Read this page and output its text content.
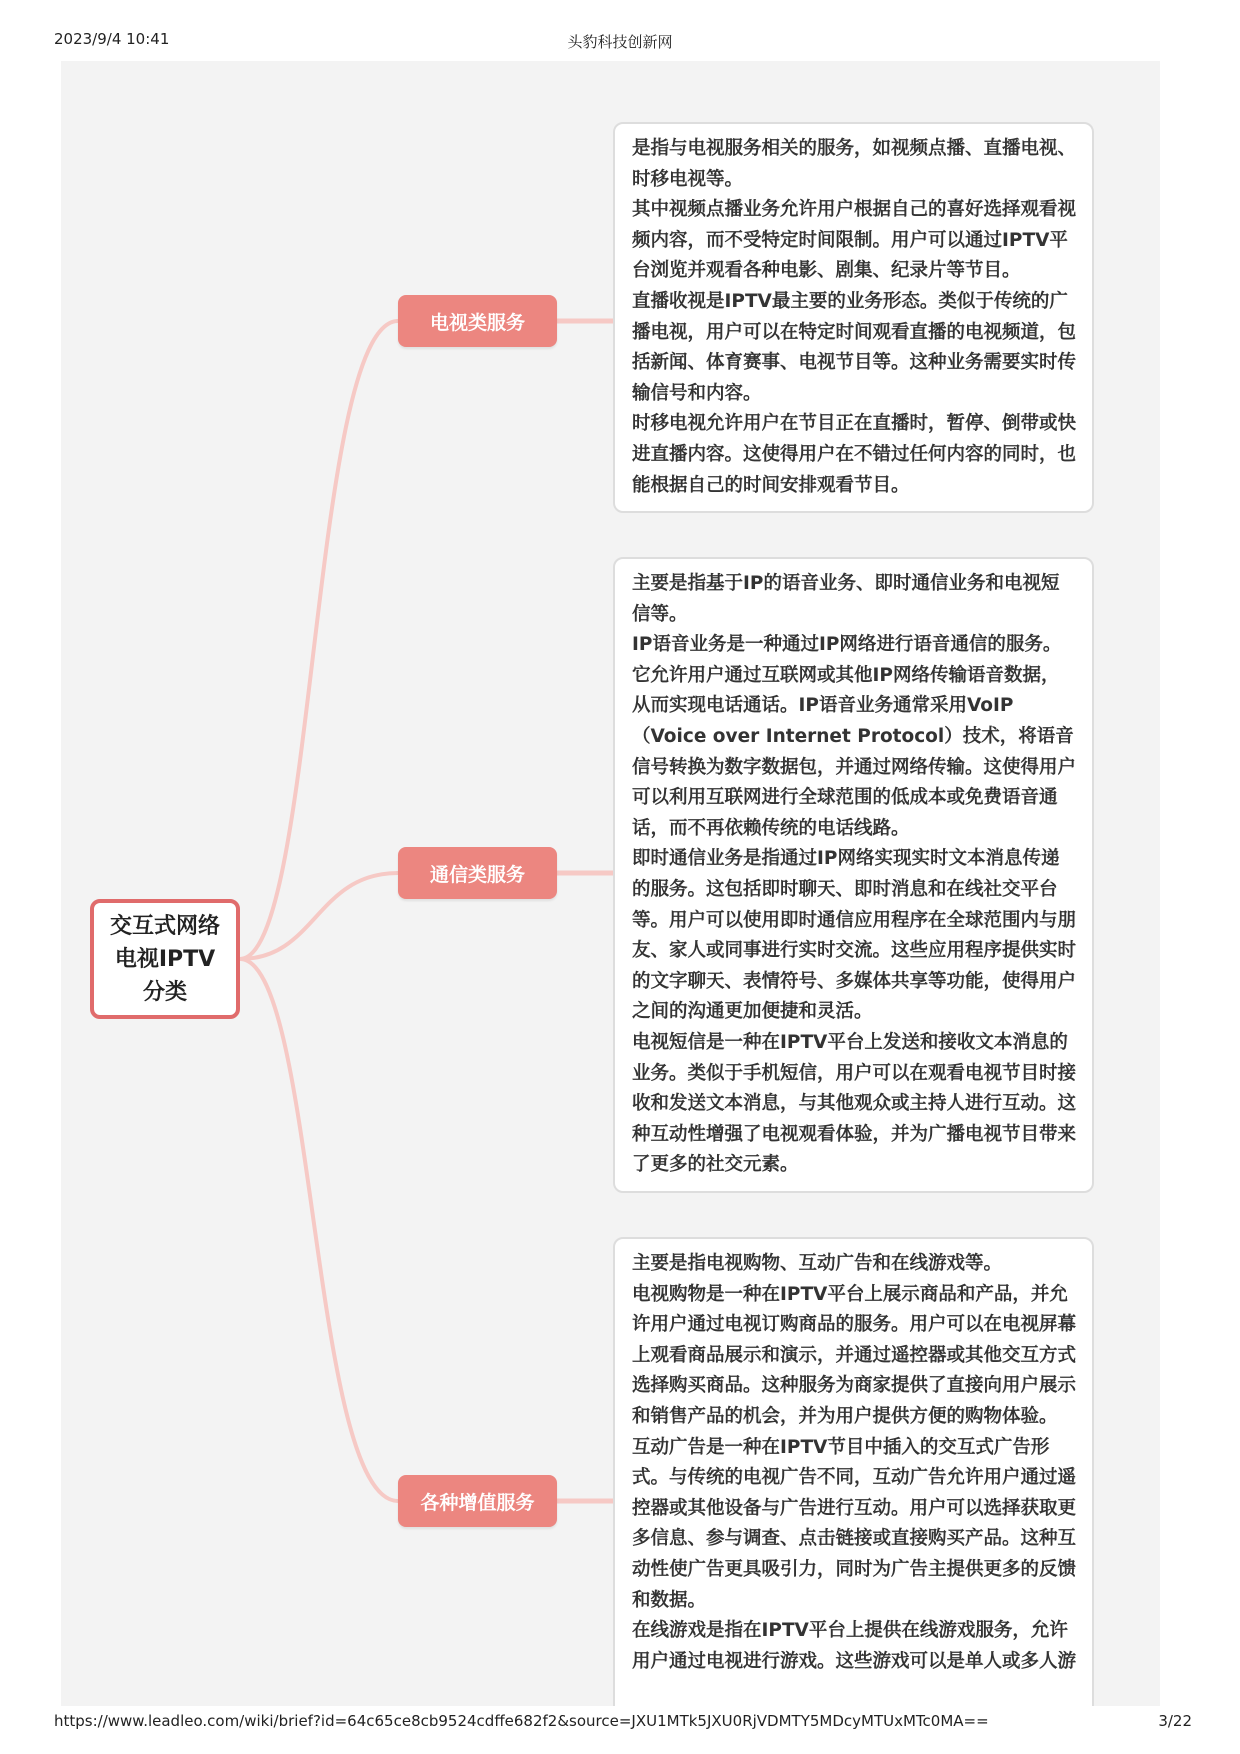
2023/9/4 10:41	头豹科技创新网
交互式网络电视IPTV分类
电视类服务
通信类服务
各种增值服务

是指与电视服务相关的服务，如视频点播、直播电视、时移电视等。

其中视频点播业务允许用户根据自己的喜好选择观看视频内容，而不受特定时间限制。用户可以通过IPTV平台浏览并观看各种电影、剧集、纪录片等节目。

直播收视是IPTV最主要的业务形态。类似于传统的广播电视，用户可以在特定时间观看直播的电视频道，包括新闻、体育赛事、电视节目等。这种业务需要实时传输信号和内容。

时移电视允许用户在节目正在直播时，暂停、倒带或快进直播内容。这使得用户在不错过任何内容的同时，也能根据自己的时间安排观看节目。

主要是指基于IP的语音业务、即时通信业务和电视短信等。

IP语音业务是一种通过IP网络进行语音通信的服务。它允许用户通过互联网或其他IP网络传输语音数据，从而实现电话通话。IP语音业务通常采用VoIP（Voice over Internet Protocol）技术，将语音信号转换为数字数据包，并通过网络传输。这使得用户可以利用互联网进行全球范围的低成本或免费语音通话，而不再依赖传统的电话线路。

即时通信业务是指通过IP网络实现实时文本消息传递的服务。这包括即时聊天、即时消息和在线社交平台等。用户可以使用即时通信应用程序在全球范围内与朋友、家人或同事进行实时交流。这些应用程序提供实时的文字聊天、表情符号、多媒体共享等功能，使得用户之间的沟通更加便捷和灵活。

电视短信是一种在IPTV平台上发送和接收文本消息的业务。类似于手机短信，用户可以在观看电视节目时接收和发送文本消息，与其他观众或主持人进行互动。这种互动性增强了电视观看体验，并为广播电视节目带来了更多的社交元素。

主要是指电视购物、互动广告和在线游戏等。

电视购物是一种在IPTV平台上展示商品和产品，并允许用户通过电视订购商品的服务。用户可以在电视屏幕上观看商品展示和演示，并通过遥控器或其他交互方式选择购买商品。这种服务为商家提供了直接向用户展示和销售产品的机会，并为用户提供方便的购物体验。

互动广告是一种在IPTV节目中插入的交互式广告形式。与传统的电视广告不同，互动广告允许用户通过遥控器或其他设备与广告进行互动。用户可以选择获取更多信息、参与调查、点击链接或直接购买产品。这种互动性使广告更具吸引力，同时为广告主提供更多的反馈和数据。

在线游戏是指在IPTV平台上提供在线游戏服务，允许用户通过电视进行游戏。这些游戏可以是单人或多人游

https://www.leadleo.com/wiki/brief?id=64c65ce8cb9524cdffe682f2&source=JXU1MTk5JXU0RjVDMTY5MDcyMTUxMTc0MA==	3/22
